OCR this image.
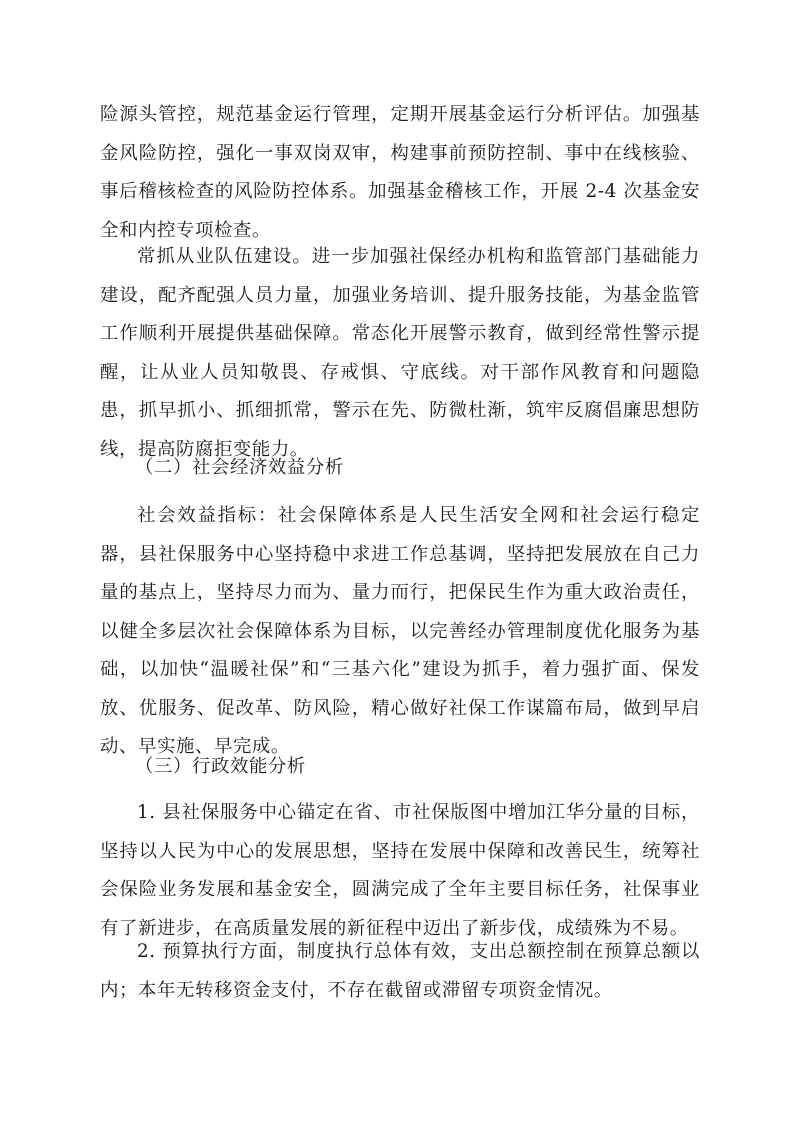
险源头管控，规范基金运行管理，定期开展基金运行分析评估。加强基金风险防控，强化一事双岗双审，构建事前预防控制、事中在线核验、事后稽核检查的风险防控体系。加强基金稽核工作，开展 2-4 次基金安全和内控专项检查。

常抓从业队伍建设。进一步加强社保经办机构和监管部门基础能力建设，配齐配强人员力量，加强业务培训、提升服务技能，为基金监管工作顺利开展提供基础保障。常态化开展警示教育，做到经常性警示提醒，让从业人员知敬畏、存戒惧、守底线。对干部作风教育和问题隐患，抓早抓小、抓细抓常，警示在先、防微杜渐，筑牢反腐倡廉思想防线，提高防腐拒变能力。

（二）社会经济效益分析

社会效益指标：社会保障体系是人民生活安全网和社会运行稳定器，县社保服务中心坚持稳中求进工作总基调，坚持把发展放在自己力量的基点上，坚持尽力而为、量力而行，把保民生作为重大政治责任，以健全多层次社会保障体系为目标，以完善经办管理制度优化服务为基础，以加快“温暖社保”和“三基六化”建设为抓手，着力强扩面、保发放、优服务、促改革、防风险，精心做好社保工作谋篇布局，做到早启动、早实施、早完成。

（三）行政效能分析

1. 县社保服务中心锚定在省、市社保版图中增加江华分量的目标，坚持以人民为中心的发展思想，坚持在发展中保障和改善民生，统筹社会保险业务发展和基金安全，圆满完成了全年主要目标任务，社保事业有了新进步，在高质量发展的新征程中迈出了新步伐，成绩殊为不易。

2. 预算执行方面，制度执行总体有效，支出总额控制在预算总额以内；本年无转移资金支付，不存在截留或滞留专项资金情况。
